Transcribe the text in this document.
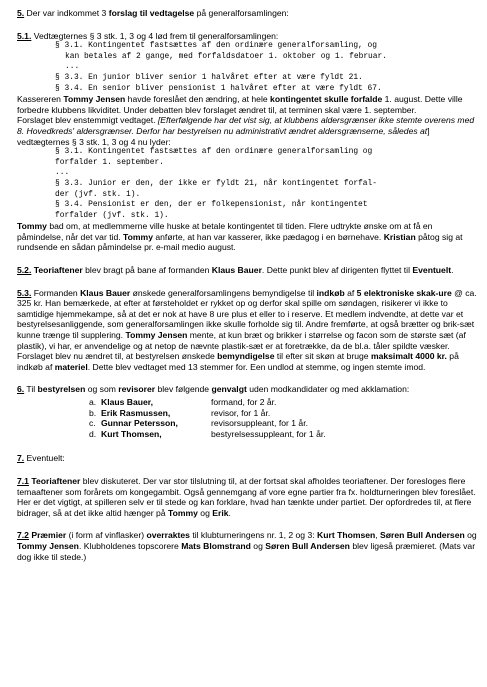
5. Der var indkommet 3 forslag til vedtagelse på generalforsamlingen:

5.1. Vedtægternes § 3 stk. 1, 3 og 4 lød frem til generalforsamlingen:

§ 3.1. Kontingentet fastsættes af den ordinære generalforsamling, og

kan betales af 2 gange, med forfaldsdatoer 1. oktober og 1. februar.

...

§ 3.3. En junior bliver senior 1 halvåret efter at være fyldt 21.

§ 3.4. En senior bliver pensionist 1 halvåret efter at være fyldt 67.

Kassereren Tommy Jensen havde foreslået den ændring, at hele kontingentet skulle forfalde 1. august. Dette ville forbedre klubbens likviditet. Under debatten blev forslaget ændret til, at terminen skal være 1. september.

Forslaget blev enstemmigt vedtaget. [Efterfølgende har det vist sig, at klubbens aldersgrænser ikke stemte overens med 8. Hovedkreds' aldersgrænser. Derfor har bestyrelsen nu administrativt ændret aldersgrænserne, således at] vedtægternes § 3 stk. 1, 3 og 4 nu lyder:

§ 3.1. Kontingentet fastsættes af den ordinære generalforsamling og

forfalder 1. september.

...

§ 3.3. Junior er den, der ikke er fyldt 21, når kontingentet forfal-

der (jvf. stk. 1).

§ 3.4. Pensionist er den, der er folkepensionist, når kontingentet

forfalder (jvf. stk. 1).

Tommy bad om, at medlemmerne ville huske at betale kontingentet til tiden. Flere udtrykte ønske om at få en påmindelse, når det var tid. Tommy anførte, at han var kasserer, ikke pædagog i en børnehave. Kristian påtog sig at rundsende en sådan påmindelse pr. e-mail medio august.

5.2. Teoriaftener blev bragt på bane af formanden Klaus Bauer. Dette punkt blev af dirigenten flyttet til Eventuelt.

5.3. Formanden Klaus Bauer ønskede generalforsamlingens bemyndigelse til indkøb af 5 elektroniske skak-ure @ ca. 325 kr. Han bemærkede, at efter at førsteholdet er rykket op og derfor skal spille om søndagen, risikerer vi ikke to samtidige hjemmekampe, så at det er nok at have 8 ure plus et eller to i reserve. Et medlem indvendte, at dette var et bestyrelsesanliggende, som generalforsamlingen ikke skulle forholde sig til. Andre fremførte, at også brætter og brik-sæt kunne trænge til supplering. Tommy Jensen mente, at kun bræt og brikker i størrelse og facon som de største sæt (af plastik), vi har, er anvendelige og at netop de nævnte plastik-sæt er at foretrække, da de bl.a. tåler spildte væsker.

Forslaget blev nu ændret til, at bestyrelsen ønskede bemyndigelse til efter sit skøn at bruge maksimalt 4000 kr. på indkøb af materiel. Dette blev vedtaget med 13 stemmer for. Een undlod at stemme, og ingen stemte imod.

6. Til bestyrelsen og som revisorer blev følgende genvalgt uden modkandidater og med akklamation:

a. Klaus Bauer,	formand, for 2 år.
b. Erik Rasmussen,	revisor, for 1 år.
c. Gunnar Petersson,	revisorsuppleant, for 1 år.
d. Kurt Thomsen,	bestyrelsessuppleant, for 1 år.

7. Eventuelt:

7.1 Teoriaftener blev diskuteret. Der var stor tilslutning til, at der fortsat skal afholdes teoriaftener. Der foresloges flere temaaftener som forårets om kongegambit. Også gennemgang af vore egne partier fra fx. holdturneringen blev foreslået. Her er det vigtigt, at spilleren selv er til stede og kan forklare, hvad han tænkte under partiet. Der opfordredes til, at flere bidrager, så at det ikke altid hænger på Tommy og Erik.

7.2 Præmier (i form af vinflasker) overraktes til klubturneringens nr. 1, 2 og 3: Kurt Thomsen, Søren Bull Andersen og Tommy Jensen. Klubholdenes topscorere Mats Blomstrand og Søren Bull Andersen blev ligeså præmieret. (Mats var dog ikke til stede.)
